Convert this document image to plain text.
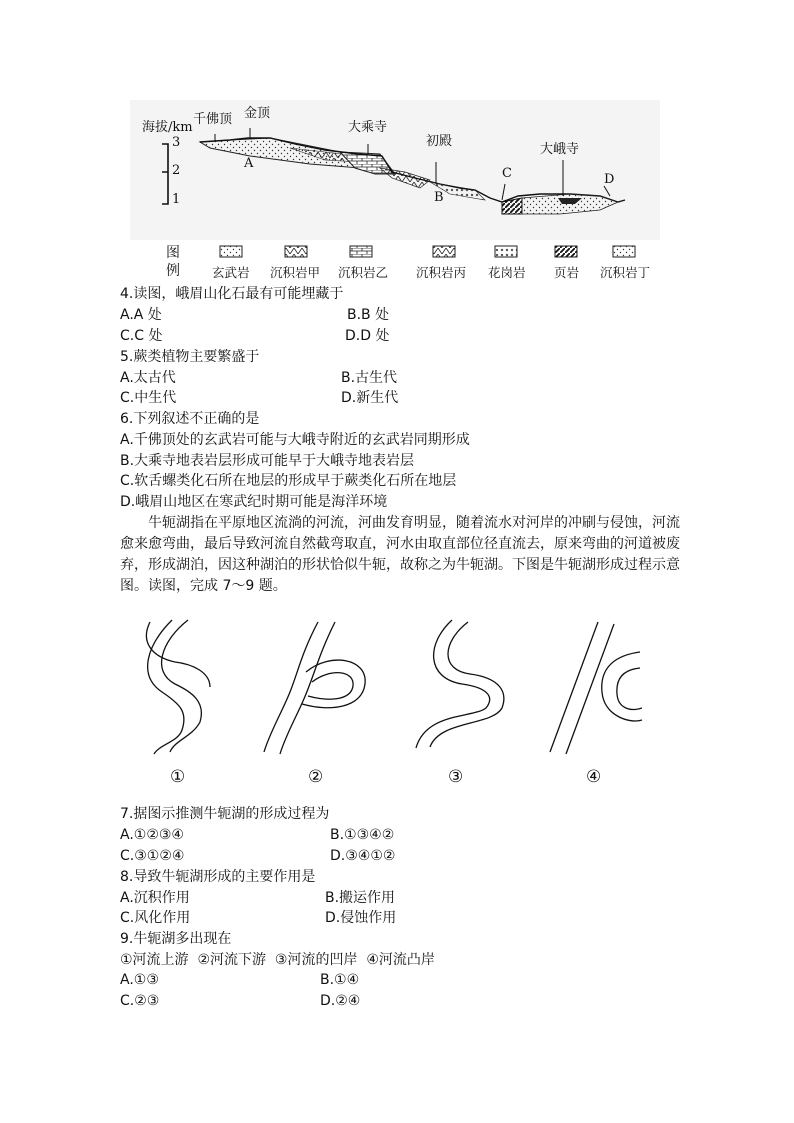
海拔/km
3
2
1
千佛顶 金顶
大乘寺
初殿
大峨寺
A
B
C	D
图
例	玄武岩 沉积岩甲 沉积岩乙 沉积岩丙 花岗岩 页岩 沉积岩丁
4.读图，峨眉山化石最有可能埋藏于
A.A 处	B.B 处
C.C 处	D.D 处
5.蕨类植物主要繁盛于
A.太古代	B.古生代
C.中生代	D.新生代
6.下列叙述不正确的是
A.千佛顶处的玄武岩可能与大峨寺附近的玄武岩同期形成
B.大乘寺地表岩层形成可能早于大峨寺地表岩层
C.软舌螺类化石所在地层的形成早于蕨类化石所在地层
D.峨眉山地区在寒武纪时期可能是海洋环境
牛轭湖指在平原地区流淌的河流，河曲发育明显，随着流水对河岸的冲刷与侵蚀，河流愈来愈弯曲，最后导致河流自然截弯取直，河水由取直部位径直流去，原来弯曲的河道被废弃，形成湖泊，因这种湖泊的形状恰似牛轭，故称之为牛轭湖。下图是牛轭湖形成过程示意图。读图，完成 7～9 题。
①	②	③	④
7.据图示推测牛轭湖的形成过程为
A.①②③④	B.①③④②
C.③①②④	D.③④①②
8.导致牛轭湖形成的主要作用是
A.沉积作用	B.搬运作用
C.风化作用	D.侵蚀作用
9.牛轭湖多出现在
①河流上游  ②河流下游  ③河流的凹岸  ④河流凸岸
A.①③	B.①④
C.②③	D.②④
